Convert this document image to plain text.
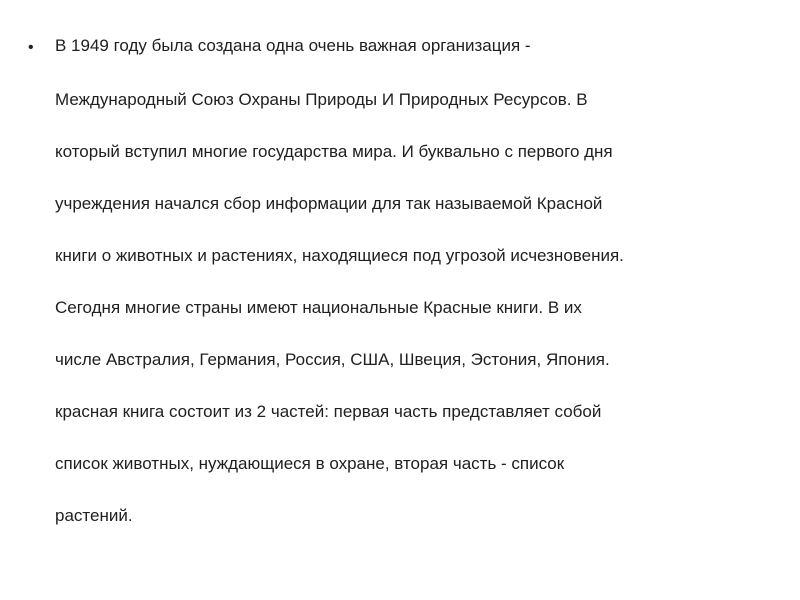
• В 1949 году была создана одна очень важная организация -
Международный Союз Охраны Природы И Природных Ресурсов. В
который вступил многие государства мира. И буквально с первого дня
учреждения начался сбор информации для так называемой Красной
книги о животных и растениях, находящиеся под угрозой исчезновения.
Сегодня многие страны имеют национальные Красные книги. В их
числе Австралия, Германия, Россия, США, Швеция, Эстония, Япония.
красная книга состоит из 2 частей: первая часть представляет собой
список животных, нуждающиеся в охране, вторая часть - список
растений.
